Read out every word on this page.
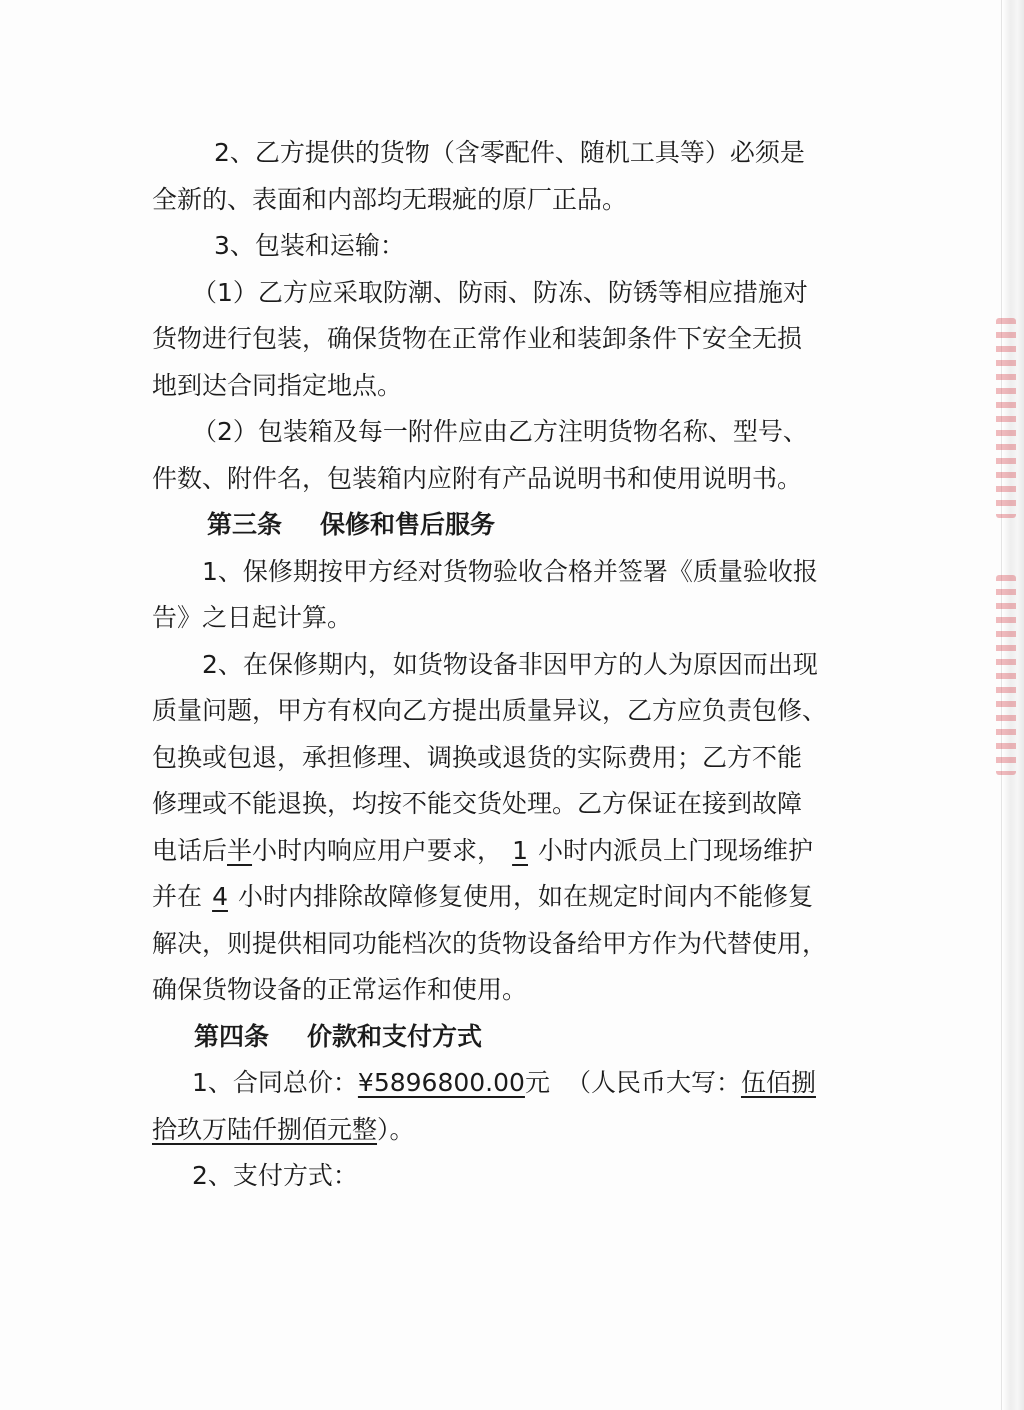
2、乙方提供的货物（含零配件、随机工具等）必须是
全新的、表面和内部均无瑕疵的原厂正品。
3、包装和运输：
（1）乙方应采取防潮、防雨、防冻、防锈等相应措施对
货物进行包装，确保货物在正常作业和装卸条件下安全无损
地到达合同指定地点。
（2）包装箱及每一附件应由乙方注明货物名称、型号、
件数、附件名，包装箱内应附有产品说明书和使用说明书。
第三条 保修和售后服务
1、保修期按甲方经对货物验收合格并签署《质量验收报
告》之日起计算。
2、在保修期内，如货物设备非因甲方的人为原因而出现
质量问题，甲方有权向乙方提出质量异议，乙方应负责包修、
包换或包退，承担修理、调换或退货的实际费用；乙方不能
修理或不能退换，均按不能交货处理。乙方保证在接到故障
电话后半小时内响应用户要求， 1 小时内派员上门现场维护
并在 4 小时内排除故障修复使用，如在规定时间内不能修复
解决，则提供相同功能档次的货物设备给甲方作为代替使用，
确保货物设备的正常运作和使用。
第四条 价款和支付方式
1、合同总价：¥5896800.00元 （人民币大写：伍佰捌
拾玖万陆仟捌佰元整）。
2、支付方式：
